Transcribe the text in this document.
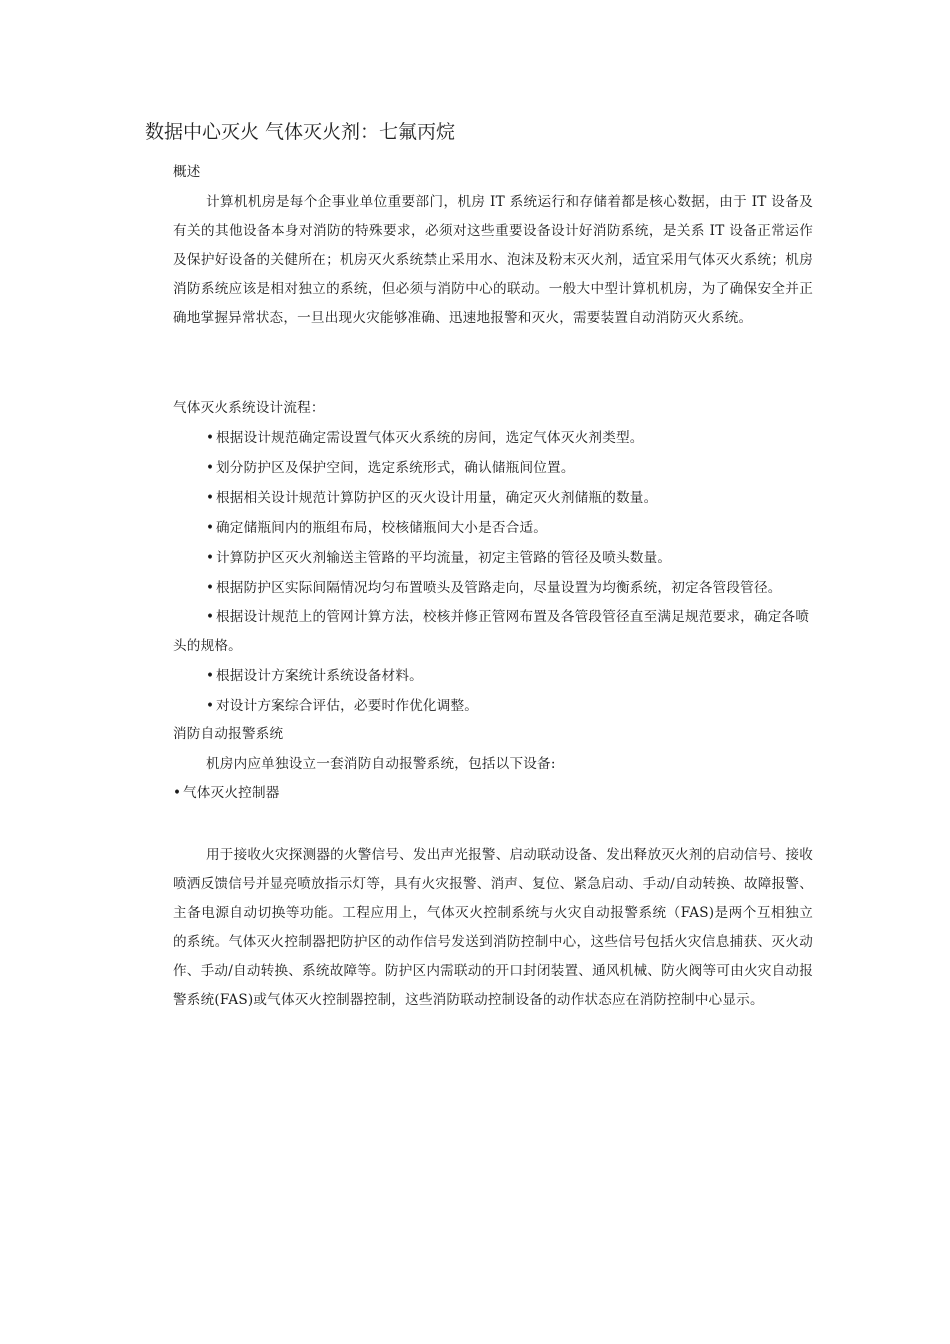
数据中心灭火 气体灭火剂：七氟丙烷
概述
计算机机房是每个企事业单位重要部门，机房 IT 系统运行和存储着都是核心数据，由于 IT 设备及有关的其他设备本身对消防的特殊要求，必须对这些重要设备设计好消防系统，是关系 IT 设备正常运作及保护好设备的关健所在；机房灭火系统禁止采用水、泡沫及粉末灭火剂，适宜采用气体灭火系统；机房消防系统应该是相对独立的系统，但必须与消防中心的联动。一般大中型计算机机房，为了确保安全并正确地掌握异常状态，一旦出现火灾能够准确、迅速地报警和灭火，需要装置自动消防灭火系统。
气体灭火系统设计流程：
• 根据设计规范确定需设置气体灭火系统的房间，选定气体灭火剂类型。
• 划分防护区及保护空间，选定系统形式，确认储瓶间位置。
• 根据相关设计规范计算防护区的灭火设计用量，确定灭火剂储瓶的数量。
• 确定储瓶间内的瓶组布局，校核储瓶间大小是否合适。
• 计算防护区灭火剂输送主管路的平均流量，初定主管路的管径及喷头数量。
• 根据防护区实际间隔情况均匀布置喷头及管路走向，尽量设置为均衡系统，初定各管段管径。
• 根据设计规范上的管网计算方法，校核并修正管网布置及各管段管径直至满足规范要求，确定各喷头的规格。
• 根据设计方案统计系统设备材料。
• 对设计方案综合评估，必要时作优化调整。
消防自动报警系统
机房内应单独设立一套消防自动报警系统，包括以下设备:
• 气体灭火控制器
用于接收火灾探测器的火警信号、发出声光报警、启动联动设备、发出释放灭火剂的启动信号、接收喷洒反馈信号并显亮喷放指示灯等，具有火灾报警、消声、复位、紧急启动、手动/自动转换、故障报警、主备电源自动切换等功能。工程应用上，气体灭火控制系统与火灾自动报警系统（FAS)是两个互相独立的系统。气体灭火控制器把防护区的动作信号发送到消防控制中心，这些信号包括火灾信息捕获、灭火动作、手动/自动转换、系统故障等。防护区内需联动的开口封闭装置、通风机械、防火阀等可由火灾自动报警系统(FAS)或气体灭火控制器控制，这些消防联动控制设备的动作状态应在消防控制中心显示。
